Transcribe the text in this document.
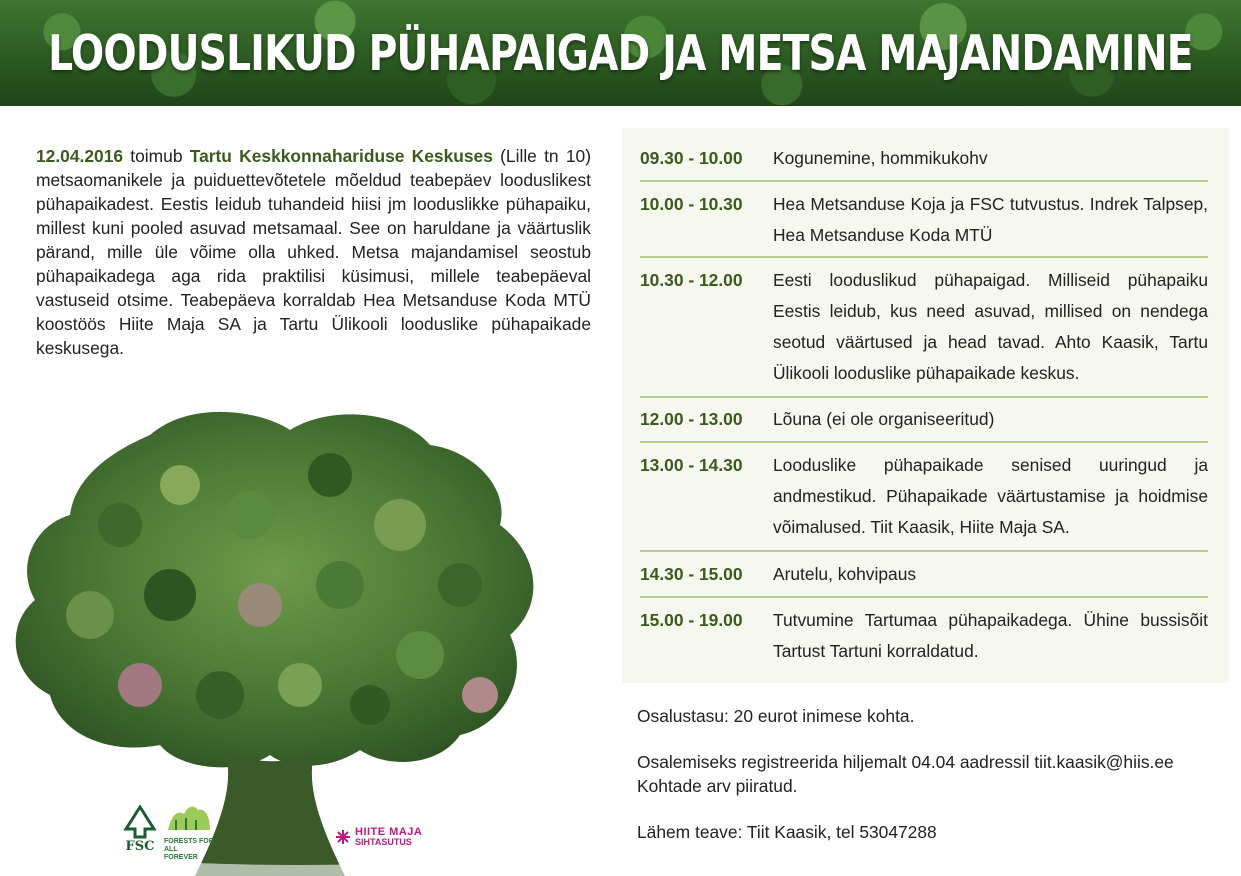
LOODUSLIKUD PÜHAPAIGAD JA METSA MAJANDAMINE
12.04.2016 toimub Tartu Keskkonnahariduse Keskuses (Lille tn 10) metsaomanikele ja puiduettevõtetele mõeldud teabepäev looduslikest pühapaikadest. Eestis leidub tuhandeid hiisi jm looduslikke pühapaiku, millest kuni pooled asuvad metsamaal. See on haruldane ja väärtuslik pärand, mille üle võime olla uhked. Metsa majandamisel seostub pühapaikadega aga rida praktilisi küsimusi, millele teabepäeval vastuseid otsime. Teabepäeva korraldab Hea Metsanduse Koda MTÜ koostöös Hiite Maja SA ja Tartu Ülikooli looduslike pühapaikade keskusega.
FSC FORESTS FOR ALL
FOREVER
HIITE MAJA
SIHTASUTUS
09.30 - 10.00	Kogunemine, hommikukohv
10.00 - 10.30	Hea Metsanduse Koja ja FSC tutvustus. Indrek Talpsep, Hea Metsanduse Koda MTÜ
10.30 - 12.00	Eesti looduslikud pühapaigad. Milliseid pühapaiku Eestis leidub, kus need asuvad, millised on nendega seotud väärtused ja head tavad. Ahto Kaasik, Tartu Ülikooli looduslike pühapaikade keskus.
12.00 - 13.00	Lõuna (ei ole organiseeritud)
13.00 - 14.30	Looduslike pühapaikade senised uuringud ja andmestikud. Pühapaikade väärtustamise ja hoidmise võimalused. Tiit Kaasik, Hiite Maja SA.
14.30 - 15.00	Arutelu, kohvipaus
15.00 - 19.00	Tutvumine Tartumaa pühapaikadega. Ühine bussisõit Tartust Tartuni korraldatud.
Osalustasu: 20 eurot inimese kohta.
Osalemiseks registreerida hiljemalt 04.04 aadressil tiit.kaasik@hiis.ee
Kohtade arv piiratud.
Lähem teave: Tiit Kaasik, tel 53047288
